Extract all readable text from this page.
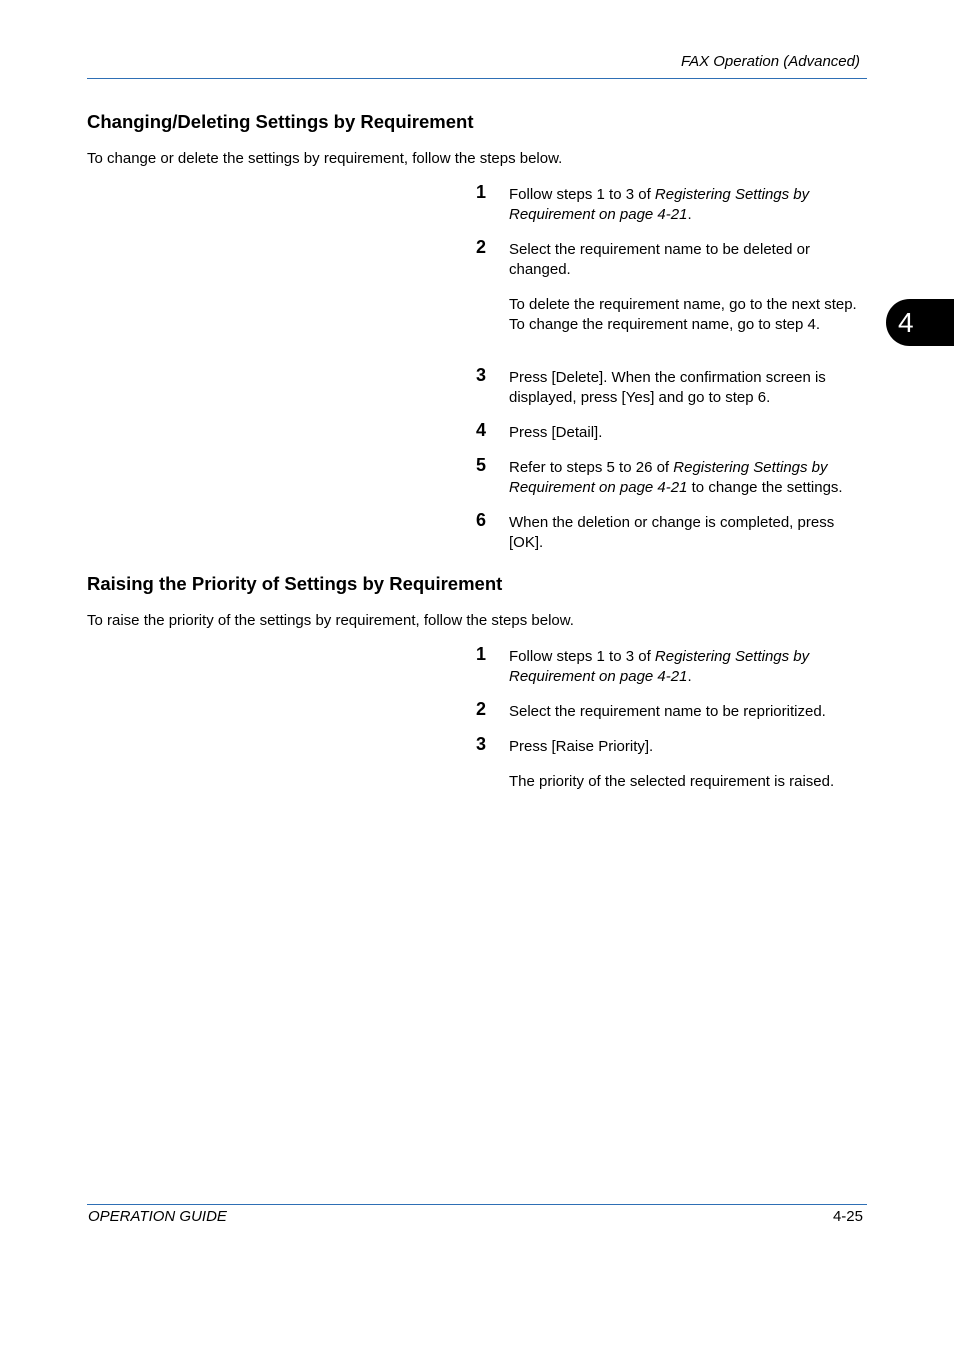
FAX Operation (Advanced)
4
Changing/Deleting Settings by Requirement

To change or delete the settings by requirement, follow the steps below.

1 Follow steps 1 to 3 of Registering Settings by Requirement on page 4-21.

2 Select the requirement name to be deleted or changed.

To delete the requirement name, go to the next step. To change the requirement name, go to step 4.

3 Press [Delete]. When the confirmation screen is displayed, press [Yes] and go to step 6.

4 Press [Detail].

5 Refer to steps 5 to 26 of Registering Settings by Requirement on page 4-21 to change the settings.

6 When the deletion or change is completed, press [OK].

Raising the Priority of Settings by Requirement

To raise the priority of the settings by requirement, follow the steps below.

1 Follow steps 1 to 3 of Registering Settings by Requirement on page 4-21.

2 Select the requirement name to be reprioritized.

3 Press [Raise Priority].

The priority of the selected requirement is raised.

OPERATION GUIDE	4-25
